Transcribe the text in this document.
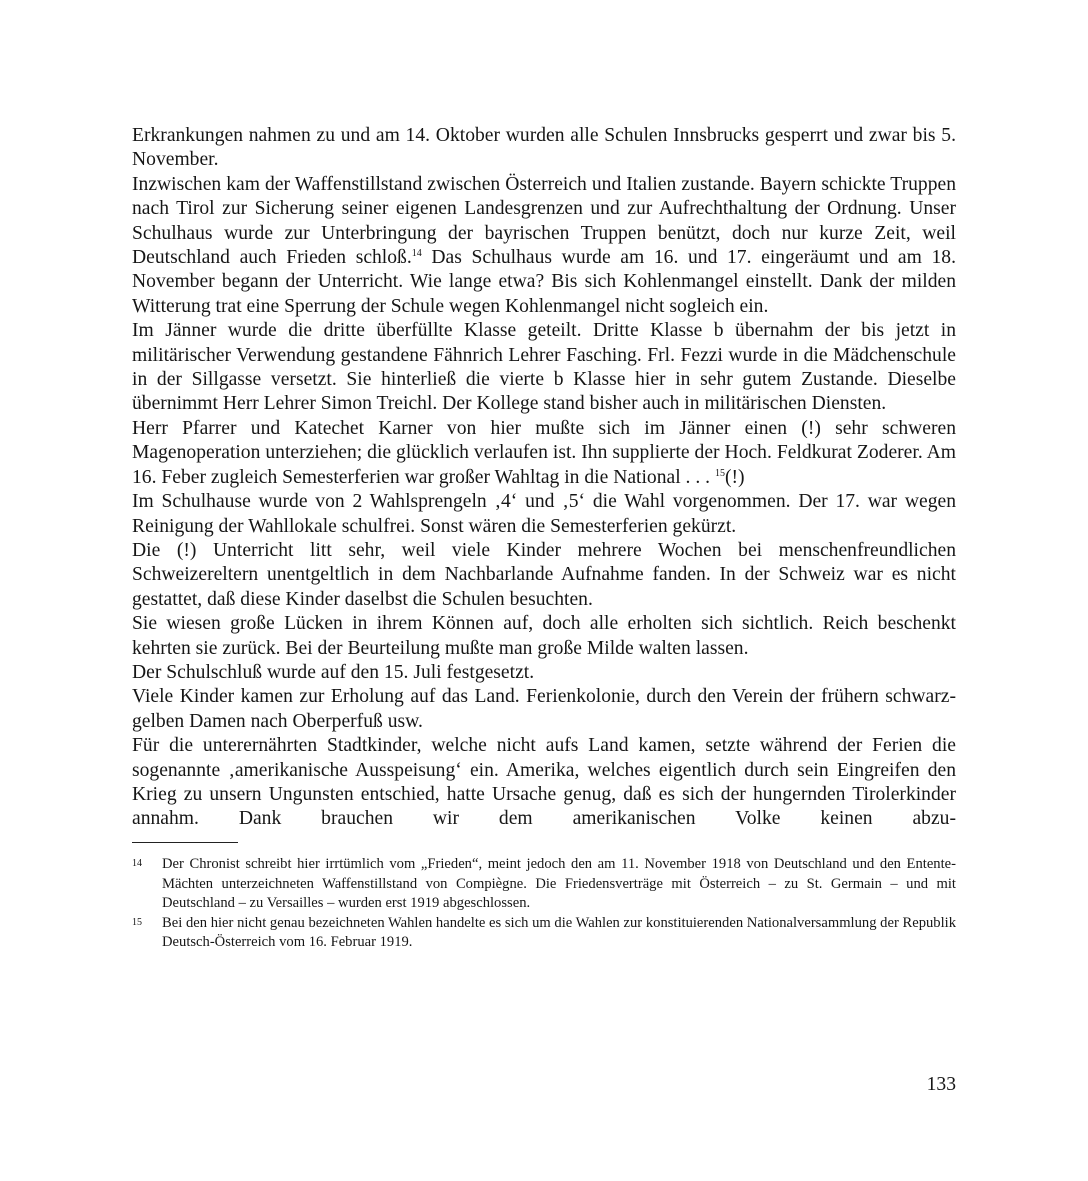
Erkrankungen nahmen zu und am 14. Oktober wurden alle Schulen Innsbrucks gesperrt und zwar bis 5. November.

Inzwischen kam der Waffenstillstand zwischen Österreich und Italien zustande. Bayern schickte Truppen nach Tirol zur Sicherung seiner eigenen Landesgrenzen und zur Aufrechthaltung der Ordnung. Unser Schulhaus wurde zur Unterbringung der bayrischen Truppen benützt, doch nur kurze Zeit, weil Deutschland auch Frieden schloß.$^{14}$ Das Schulhaus wurde am 16. und 17. eingeräumt und am 18. November begann der Unterricht. Wie lange etwa? Bis sich Kohlenmangel einstellt. Dank der milden Witterung trat eine Sperrung der Schule wegen Kohlenmangel nicht sogleich ein.

Im Jänner wurde die dritte überfüllte Klasse geteilt. Dritte Klasse b übernahm der bis jetzt in militärischer Verwendung gestandene Fähnrich Lehrer Fasching. Frl. Fezzi wurde in die Mädchenschule in der Sillgasse versetzt. Sie hinterließ die vierte b Klasse hier in sehr gutem Zustande. Dieselbe übernimmt Herr Lehrer Simon Treichl. Der Kollege stand bisher auch in militärischen Diensten.

Herr Pfarrer und Katechet Karner von hier mußte sich im Jänner einen (!) sehr schweren Magenoperation unterziehen; die glücklich verlaufen ist. Ihn supplierte der Hoch. Feldkurat Zoderer. Am 16. Feber zugleich Semesterferien war großer Wahltag in die National . . . $^{15}$(!)

Im Schulhause wurde von 2 Wahlsprengeln ‚4‘ und ‚5‘ die Wahl vorgenommen. Der 17. war wegen Reinigung der Wahllokale schulfrei. Sonst wären die Semesterferien gekürzt.

Die (!) Unterricht litt sehr, weil viele Kinder mehrere Wochen bei menschenfreundlichen Schweizereltern unentgeltlich in dem Nachbarlande Aufnahme fanden. In der Schweiz war es nicht gestattet, daß diese Kinder daselbst die Schulen besuchten.

Sie wiesen große Lücken in ihrem Können auf, doch alle erholten sich sichtlich. Reich beschenkt kehrten sie zurück. Bei der Beurteilung mußte man große Milde walten lassen.

Der Schulschluß wurde auf den 15. Juli festgesetzt.

Viele Kinder kamen zur Erholung auf das Land. Ferienkolonie, durch den Verein der frühern schwarz-gelben Damen nach Oberperfuß usw.

Für die unterernährten Stadtkinder, welche nicht aufs Land kamen, setzte während der Ferien die sogenannte ‚amerikanische Ausspeisung‘ ein. Amerika, welches eigentlich durch sein Eingreifen den Krieg zu unsern Ungunsten entschied, hatte Ursache genug, daß es sich der hungernden Tirolerkinder annahm. Dank brauchen wir dem amerikanischen Volke keinen abzu-

14	Der Chronist schreibt hier irrtümlich vom „Frieden“, meint jedoch den am 11. November 1918 von Deutschland und den Entente-Mächten unterzeichneten Waffenstillstand von Compiègne. Die Friedensverträge mit Österreich – zu St. Germain – und mit Deutschland – zu Versailles – wurden erst 1919 abgeschlossen.
15	Bei den hier nicht genau bezeichneten Wahlen handelte es sich um die Wahlen zur konstituierenden Nationalversammlung der Republik Deutsch-Österreich vom 16. Februar 1919.
133
